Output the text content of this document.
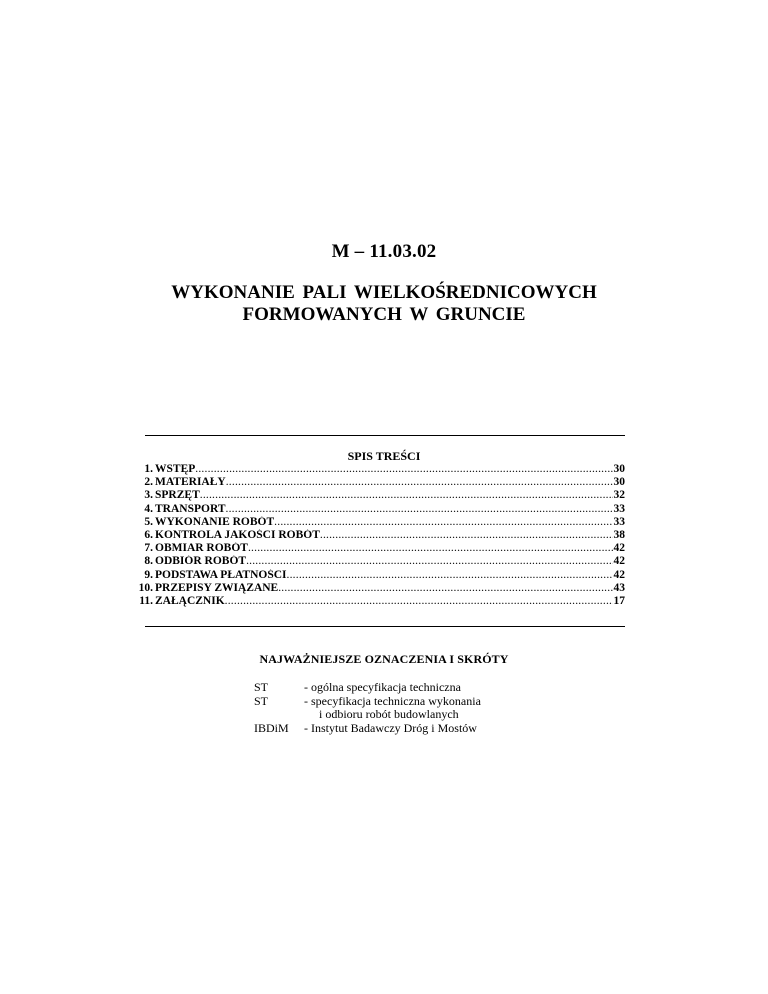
M – 11.03.02
WYKONANIE PALI WIELKOŚREDNICOWYCH
FORMOWANYCH W GRUNCIE
SPIS TREŚCI
1. WSTĘP .....	30
2. MATERIAŁY .....	30
3. SPRZĘT .....	32
4. TRANSPORT .....	33
5. WYKONANIE ROBÓT .....	33
6. KONTROLA JAKOŚCI ROBÓT .....	38
7. OBMIAR ROBÓT .....	42
8. ODBIÓR ROBÓT .....	42
9. PODSTAWA PŁATNOŚCI .....	42
10. PRZEPISY ZWIĄZANE .....	43
11. ZAŁĄCZNIK .....	17
NAJWAŻNIEJSZE OZNACZENIA I SKRÓTY
ST	- ogólna specyfikacja techniczna
ST	- specyfikacja techniczna wykonania
i odbioru robót budowlanych
IBDiM	- Instytut Badawczy Dróg i Mostów
